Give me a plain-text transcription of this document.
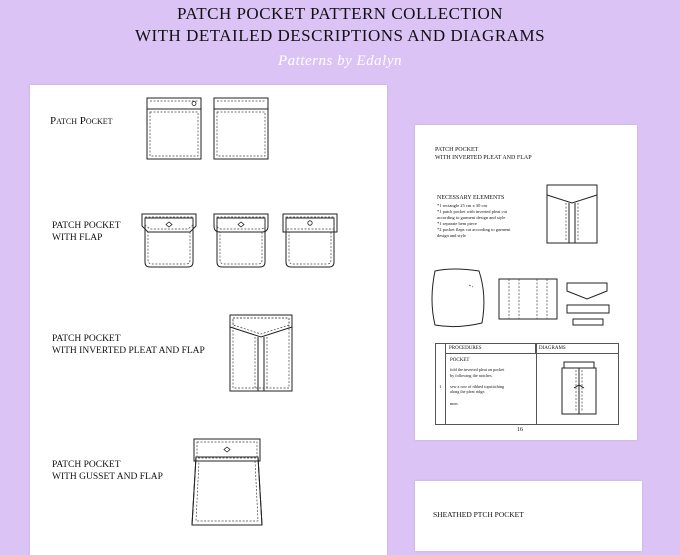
PATCH POCKET PATTERN COLLECTION
WITH DETAILED DESCRIPTIONS AND DIAGRAMS
Patterns by Edalyn
Patch Pocket
PATCH POCKET
WITH FLAP
PATCH POCKET
WITH INVERTED PLEAT AND FLAP
PATCH POCKET
WITH GUSSET AND FLAP
PATCH POCKET
WITH INVERTED PLEAT AND FLAP
NECESSARY ELEMENTS
*1 rectangle 25 cm x 30 cm
*1 patch pocket with inverted pleat cut
according to garment design and style
*1 separate hem piece
*2 pocket flaps cut according to garment
design and style
PROCEDURES	DIAGRAMS
1
POCKET
fold the inverted pleat on pocket
by following the notches.

sew a row of ribbed topstitching
along the pleat ridge.

mon.
16
SHEATHED PTCH POCKET
